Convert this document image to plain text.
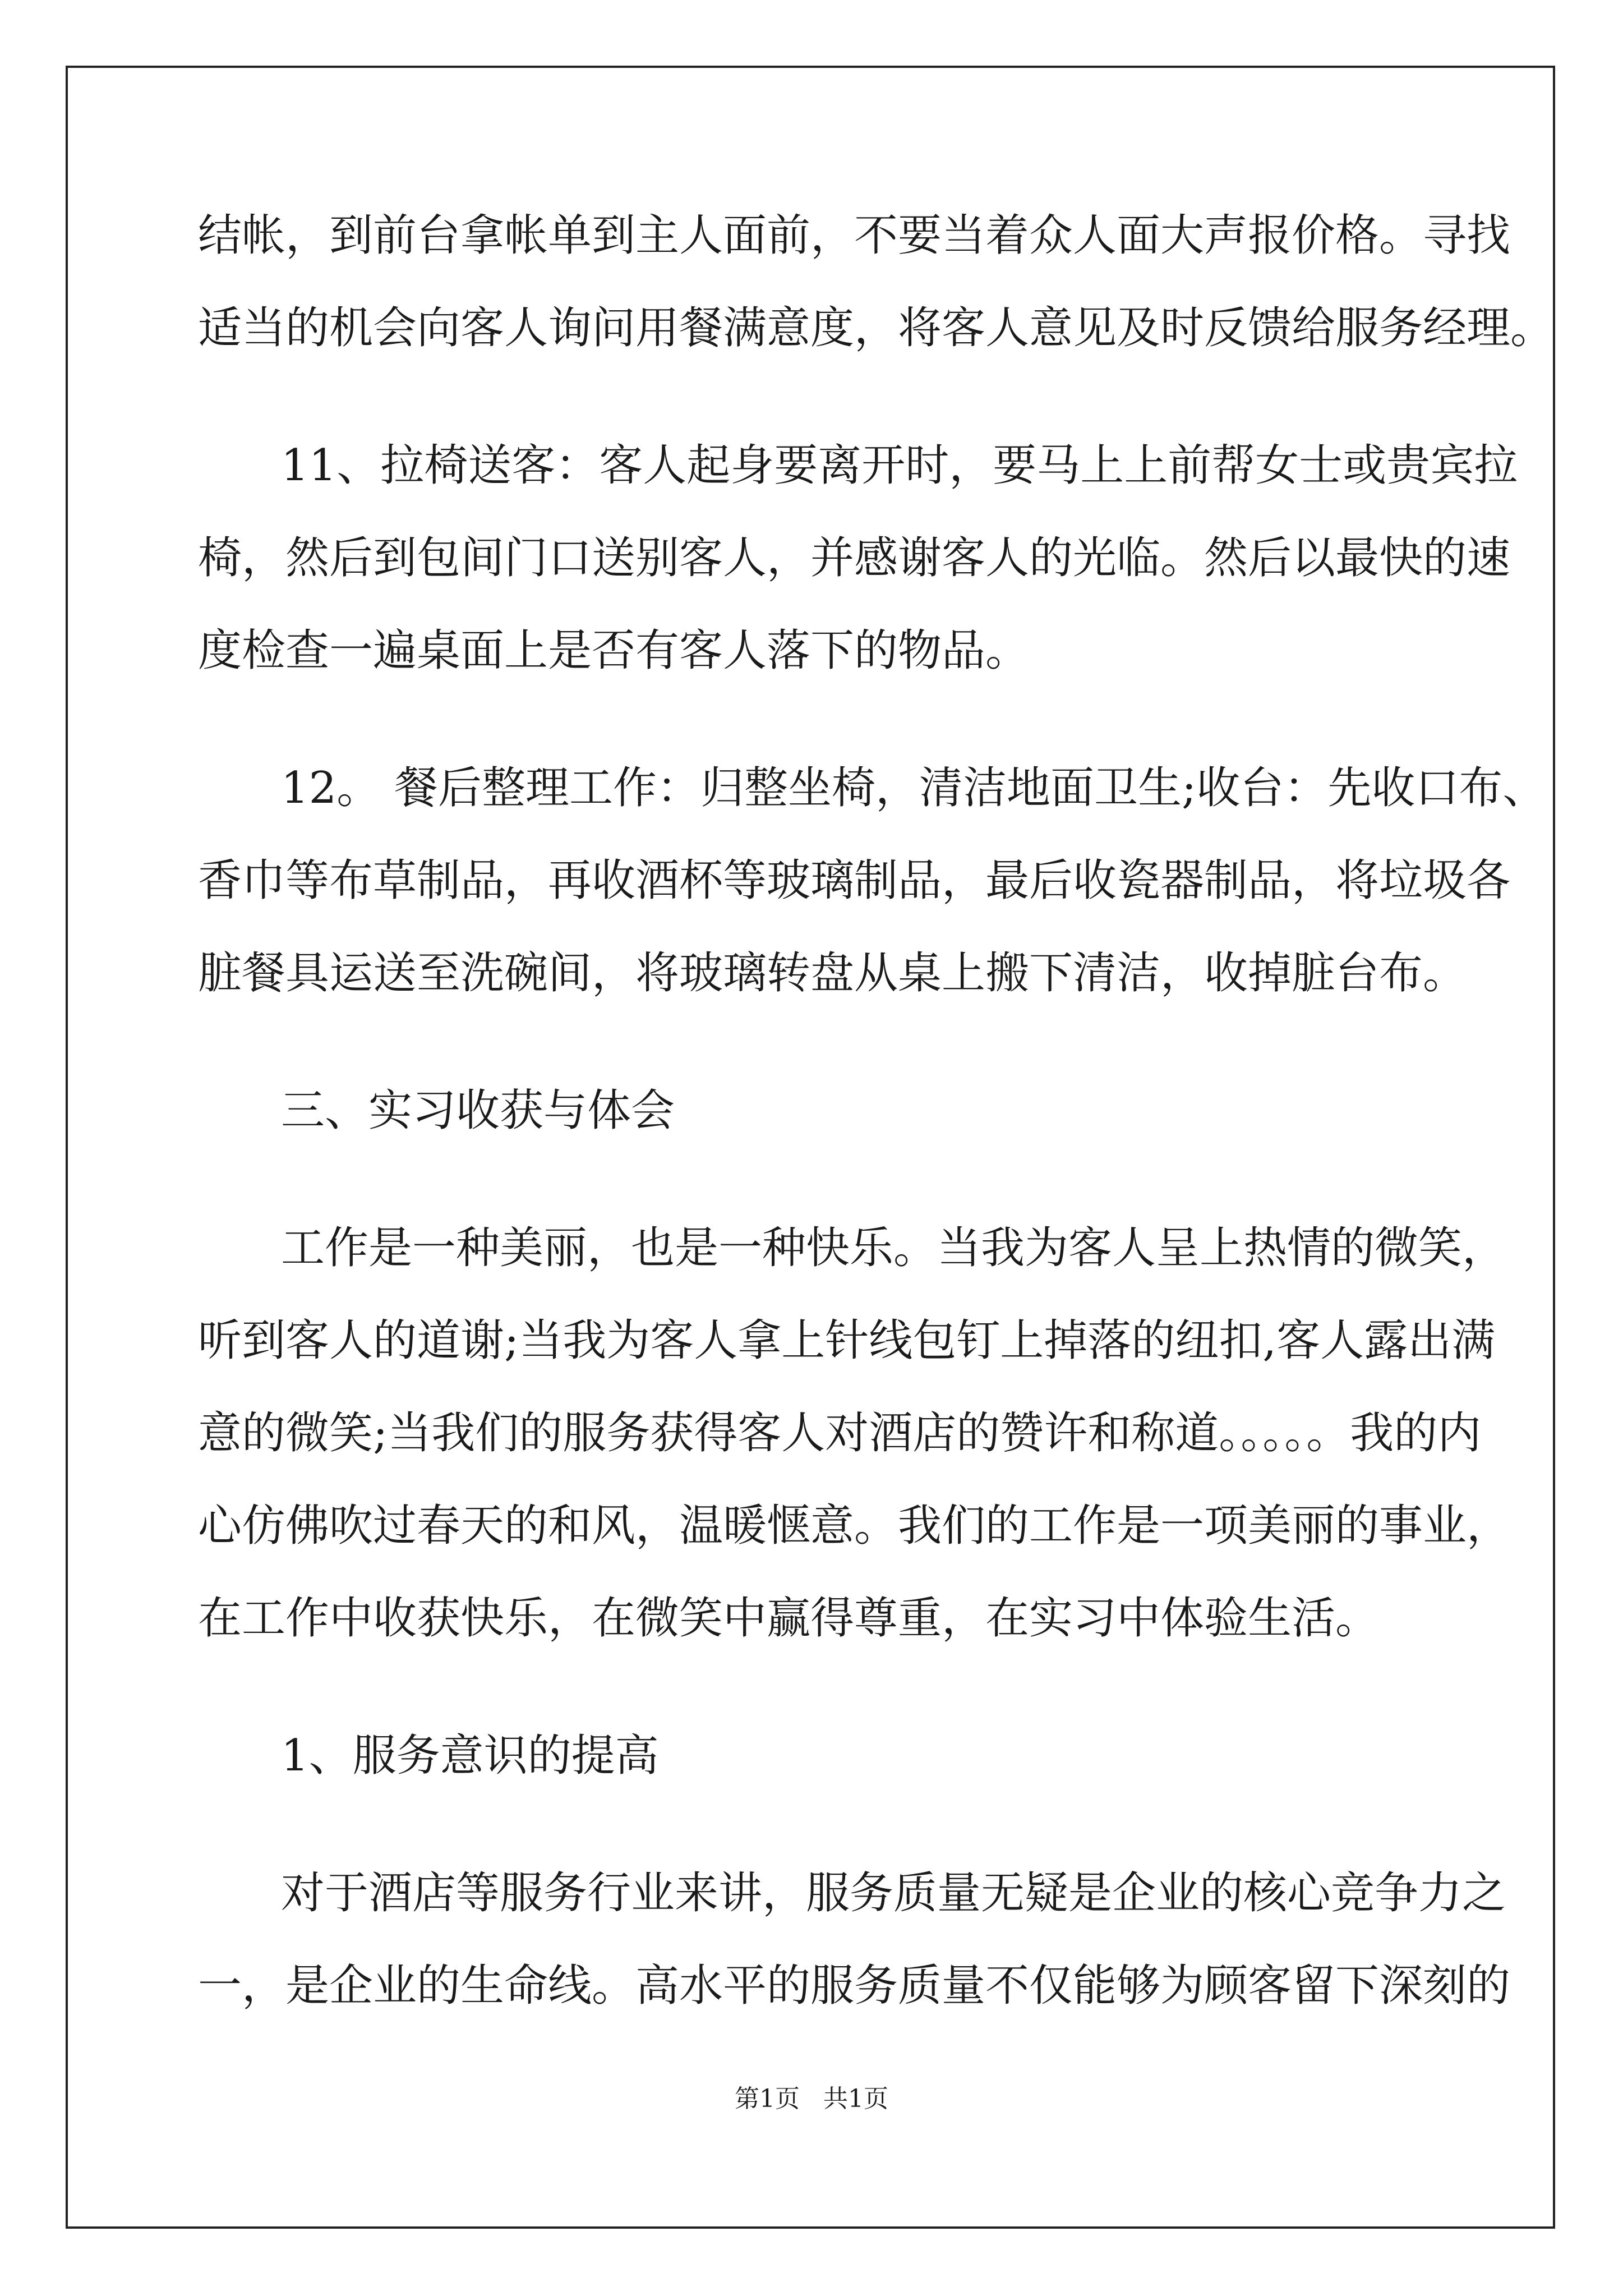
结帐，到前台拿帐单到主人面前，不要当着众人面大声报价格。寻找
适当的机会向客人询问用餐满意度，将客人意见及时反馈给服务经理。
11、拉椅送客：客人起身要离开时，要马上上前帮女士或贵宾拉
椅，然后到包间门口送别客人，并感谢客人的光临。然后以最快的速
度检查一遍桌面上是否有客人落下的物品。
12。 餐后整理工作：归整坐椅，清洁地面卫生;收台：先收口布、
香巾等布草制品，再收酒杯等玻璃制品，最后收瓷器制品，将垃圾各
脏餐具运送至洗碗间，将玻璃转盘从桌上搬下清洁，收掉脏台布。
三、实习收获与体会
工作是一种美丽，也是一种快乐。当我为客人呈上热情的微笑，
听到客人的道谢;当我为客人拿上针线包钉上掉落的纽扣,客人露出满
意的微笑;当我们的服务获得客人对酒店的赞许和称道。。。。。我的内
心仿佛吹过春天的和风，温暖惬意。我们的工作是一项美丽的事业，
在工作中收获快乐，在微笑中赢得尊重，在实习中体验生活。
1、服务意识的提高
对于酒店等服务行业来讲，服务质量无疑是企业的核心竞争力之
一，是企业的生命线。高水平的服务质量不仅能够为顾客留下深刻的
第1页   共1页
